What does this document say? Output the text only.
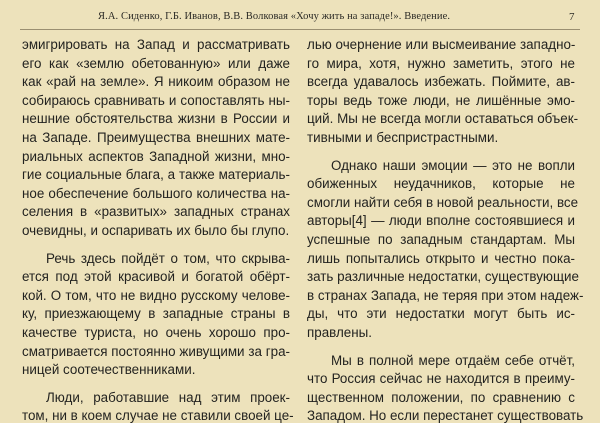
Я.А. Сиденко, Г.Б. Иванов, В.В. Волковая «Хочу жить на западе!». Введение.	7
эмигрировать на Запад и рассматривать
его как «землю обетованную» или даже
как «рай на земле». Я никоим образом не
собираюсь сравнивать и сопоставлять ны-
нешние обстоятельства жизни в России и
на Западе. Преимущества внешних мате-
риальных аспектов Западной жизни, мно-
гие социальные блага, а также материаль-
ное обеспечение большого количества на-
селения в «развитых» западных странах
очевидны, и оспаривать их было бы глупо.
Речь здесь пойдёт о том, что скрыва-
ется под этой красивой и богатой обёрт-
кой. О том, что не видно русскому челове-
ку, приезжающему в западные страны в
качестве туриста, но очень хорошо про-
сматривается постоянно живущими за гра-
ницей соотечественниками.
Люди, работавшие над этим проек-
том, ни в коем случае не ставили своей це-
лью очернение или высмеивание западно-
го мира, хотя, нужно заметить, этого не
всегда удавалось избежать. Поймите, ав-
торы ведь тоже люди, не лишённые эмо-
ций. Мы не всегда могли оставаться объек-
тивными и беспристрастными.
Однако наши эмоции — это не вопли
обиженных неудачников, которые не
смогли найти себя в новой реальности, все
авторы[4] — люди вполне состоявшиеся и
успешные по западным стандартам. Мы
лишь попытались открыто и честно пока-
зать различные недостатки, существующие
в странах Запада, не теряя при этом надеж-
ды, что эти недостатки могут быть ис-
правлены.
Мы в полной мере отдаём себе отчёт,
что Россия сейчас не находится в преиму-
щественном положении, по сравнению с
Западом. Но если перестанет существовать
